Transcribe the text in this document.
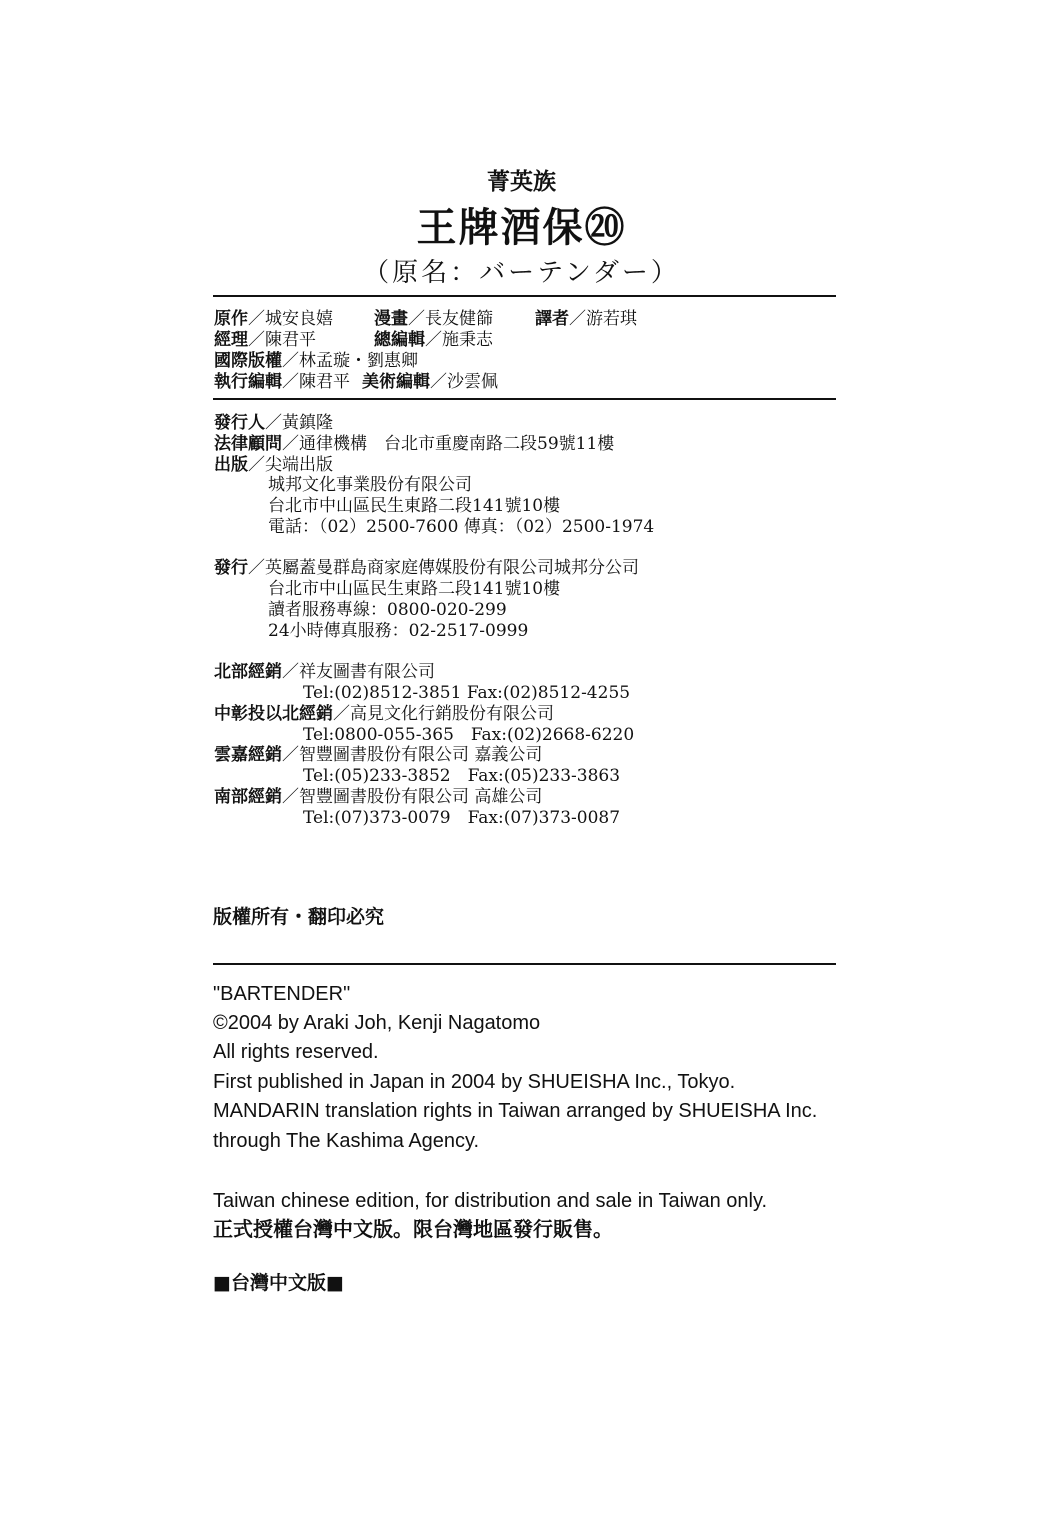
菁英族
王牌酒保⑳
（原名：バーテンダー）
原作／城安良嬉 漫畫／長友健篩 譯者／游若琪
經理／陳君平	總編輯／施秉志
國際版權／林孟璇・劉惠卿
執行編輯／陳君平 美術編輯／沙雲佩
發行人／黃鎮隆
法律顧問／通律機構　台北市重慶南路二段59號11樓
出版／尖端出版
城邦文化事業股份有限公司
台北市中山區民生東路二段141號10樓
電話：（02）2500-7600 傳真：（02）2500-1974
發行／英屬蓋曼群島商家庭傳媒股份有限公司城邦分公司
台北市中山區民生東路二段141號10樓
讀者服務專線：0800-020-299
24小時傳真服務：02-2517-0999
北部經銷／祥友圖書有限公司
Tel:(02)8512-3851 Fax:(02)8512-4255
中彰投以北經銷／高見文化行銷股份有限公司
Tel:0800-055-365　Fax:(02)2668-6220
雲嘉經銷／智豐圖書股份有限公司 嘉義公司
Tel:(05)233-3852　Fax:(05)233-3863
南部經銷／智豐圖書股份有限公司 高雄公司
Tel:(07)373-0079　Fax:(07)373-0087
版權所有・翻印必究
"BARTENDER"
©2004 by Araki Joh, Kenji Nagatomo
All rights reserved.
First published in Japan in 2004 by SHUEISHA Inc., Tokyo.
MANDARIN translation rights in Taiwan arranged by SHUEISHA Inc.
through The Kashima Agency.
Taiwan chinese edition, for distribution and sale in Taiwan only.
正式授權台灣中文版。限台灣地區發行販售。
■台灣中文版■
